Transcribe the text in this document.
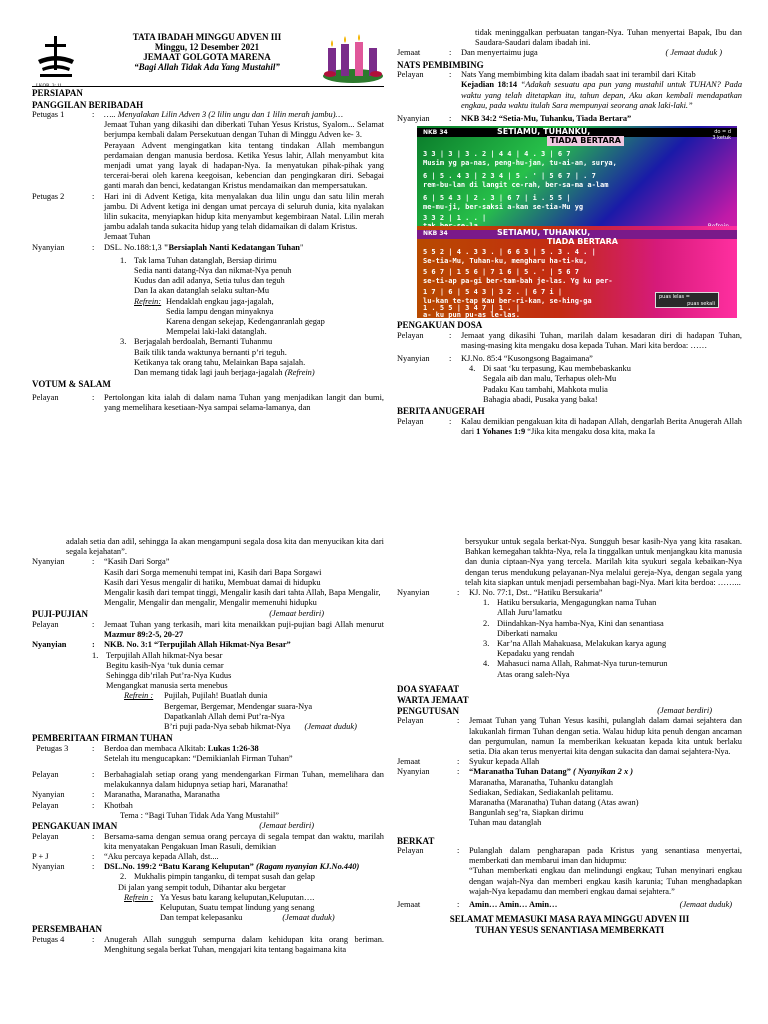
I KOR. 3: 11
TATA IBADAH MINGGU ADVEN III
Minggu, 12 Desember 2021
JEMAAT GOLGOTA MARENA
“Bagi Allah Tidak Ada Yang Mustahil”
PERSIAPAN
PANGGILAN BERIBADAH
Petugas 1	:	….. Menyalakan Lilin Adven 3 (2 lilin ungu dan 1 lilin merah jambu)…
Jemaat Tuhan yang dikasihi dan diberkati Tuhan Yesus Kristus, Syalom... Selamat berjumpa kembali dalam Persekutuan dengan Tuhan di Minggu Adven ke- 3.
Perayaan Advent mengingatkan kita tentang tindakan Allah membangun perdamaian dengan manusia berdosa. Ketika Yesus lahir, Allah menyambut kita menjadi umat yang layak di hadapan-Nya. Ia menyatukan pihak-pihak yang tercerai-berai oleh karena keegoisan, kebencian dan pengingkaran diri. Sebagai ganti marah dan benci, kedatangan Kristus mendamaikan dan mempersatukan.
Petugas 2	:	Hari ini di Advent Ketiga, kita menyalakan dua lilin ungu dan satu lilin merah jambu. Di Advent ketiga ini dengan umat percaya di seluruh dunia, kita nyalakan lilin sukacita, menyiapkan hidup kita menyambut kegembiraan Natal. Lilin merah jambu adalah tanda sukacita hidup yang telah didamaikan di dalam Kristus.
Jemaat Tuhan
Nyanyian	:	DSL. No.188:1,3 "Bersiaplah Nanti Kedatangan Tuhan"
1. Tak lama Tuhan datanglah, Bersiap dirimu
Sedia nanti datang-Nya dan nikmat-Nya penuh
Kudus dan adil adanya, Setia tulus dan teguh
Dan Ia akan datanglah selaku sultan-Mu
Refrein: Hendaklah engkau jaga-jagalah,
Sedia lampu dengan minyaknya
Karena dengan sekejap, Kedenganranlah gegap
Mempelai laki-laki datanglah.
3. Berjagalah berdoalah, Bernanti Tuhanmu
Baik tilik tanda waktunya bernanti p’ri teguh.
Ketikanya tak orang tahu, Melainkan Bapa sajalah.
Dan memang tidak lagi jauh berjaga-jagalah (Refrein)
VOTUM & SALAM
Pelayan	:	Pertolongan kita ialah di dalam nama Tuhan yang menjadikan langit dan bumi, yang memelihara kesetiaan-Nya sampai selama-lamanya, dan
tidak meninggalkan perbuatan tangan-Nya. Tuhan menyertai Bapak, Ibu dan Saudara-Saudari dalam ibadah ini.
Jemaat	:	Dan menyertaimu juga	( Jemaat duduk )
NATS PEMBIMBING
Pelayan	:	Nats Yang membimbing kita dalam ibadah saat ini terambil dari Kitab
Kejadian 18:14 “Adakah sesuatu apa pun yang mustahil untuk TUHAN? Pada waktu yang telah ditetapkan itu, tahun depan, Aku akan kembali mendapatkan engkau, pada waktu itulah Sara mempunyai seorang anak laki-laki.”
Nyanyian	:	NKB 34:2 “Setia-Mu, Tuhanku, Tiada Bertara”
NKB 34	SETIAMU, TUHANKU,
TIADA BERTARA
do = d
3 ketuk
3 3 | 3 | 3 . 2 | 4 4 | 4 . 3 | 6 7
Musim yg pa-nas, peng-hu-jan, tu-ai-an, surya,
6 | 5 . 4 3 | 2 3 4 | 5 . ' | 5 6 7 | . 7
rem-bu-lan di langit ce-rah, ber-sa-ma a-lam
6 | 5 4 3 | 2 . 3 | 6 7 | i . 5 5 |
me-mu-ji, ber-saksi a-kan se-tia-Mu yg
3 3 2 | 1 . . |
NKB 34	SETIAMU, TUHANKU,
TIADA BERTARA
5 5 2 | 4 . 3 3 . | 6 6 3 | 5 . 3 . 4 . |
Se-tia-Mu, Tuhan-ku, mengharu ha-ti-ku,
5 6 7 | 1 5 6 | 7 1 6 | 5 . ' | 5 6 7
se-ti-ap pa-gi ber-tam-bah je-las. Yg ku per-
1 7 | 6 | 5 4 3 | 3 2 . | 6 7 i |
lu-kan te-tap Kau ber-ri-kan, se-hing-ga
1 . 5 5 | 3 4 7 | 1 . |
a- ku pun pu-as le-las.
puas lelas =
puas sekali
PENGAKUAN DOSA
Pelayan	:	Jemaat yang dikasihi Tuhan, marilah dalam kesadaran diri di hadapan Tuhan, masing-masing kita mengaku dosa kepada Tuhan. Mari kita berdoa: ……
Nyanyian	:	KJ.No. 85:4 “Kusongsong Bagaimana”
4. Di saat ‘ku terpasung, Kau membebaskanku
Segala aib dan malu, Terhapus oleh-Mu
Padaku Kau tambahi, Mahkota mulia
Bahagia abadi, Pusaka yang baka!
BERITA ANUGERAH
Pelayan	:	Kalau demikian pengakuan kita di hadapan Allah, dengarlah Berita Anugerah Allah dari 1 Yohanes 1:9 “Jika kita mengaku dosa kita, maka Ia
adalah setia dan adil, sehingga Ia akan mengampuni segala dosa kita dan menyucikan kita dari segala kejahatan”.
Nyanyian	:	“Kasih Dari Sorga”
Kasih dari Sorga memenuhi tempat ini, Kasih dari Bapa Sorgawi
Kasih dari Yesus mengalir di hatiku, Membuat damai di hidupku
Mengalir kasih dari tempat tinggi, Mengalir kasih dari tahta Allah, Bapa Mengalir, Mengalir, Mengalir dan mengalir, Mengalir memenuhi hidupku
PUJI-PUJIAN	(Jemaat berdiri)
Pelayan	:	Jemaat Tuhan yang terkasih, mari kita menaikkan puji-pujian bagi Allah menurut Mazmur 89:2-5, 20-27
Nyanyian	:	NKB. No. 3:1 “Terpujilah Allah Hikmat-Nya Besar”
1. Terpujilah Allah hikmat-Nya besar
Begitu kasih-Nya ‘tuk dunia cemar
Sehingga dib’rilah Put’ra-Nya Kudus
Mengangkat manusia serta menebus
Refrein :	Pujilah, Pujilah! Buatlah dunia
Bergemar, Bergemar, Mendengar suara-Nya
Dapatkanlah Allah demi Put’ra-Nya
B’ri puji pada-Nya sebab hikmat-Nya (Jemaat duduk)
PEMBERITAAN FIRMAN TUHAN
Petugas 3	:	Berdoa dan membaca Alkitab: Lukas 1:26-38
Setelah itu mengucapkan: “Demikianlah Firman Tuhan”
Pelayan	:	Berbahagialah setiap orang yang mendengarkan Firman Tuhan, memelihara dan melakukannya dalam hidupnya setiap hari, Maranatha!
Nyanyian	:	Maranatha, Maranatha, Maranatha
Pelayan	:	Khotbah
Tema : “Bagi Tuhan Tidak Ada Yang Mustahil”
PENGAKUAN IMAN	(Jemaat berdiri)
Pelayan	:	Bersama-sama dengan semua orang percaya di segala tempat dan waktu, marilah kita menyatakan Pengakuan Iman Rasuli, demikian
P + J	:	“Aku percaya kepada Allah, dst....
Nyanyian	:	DSL.No. 199:2 “Batu Karang Keluputan” (Ragam nyanyian KJ.No.440)
2. Mukhalis pimpin tanganku, di tempat susah dan gelap
Di jalan yang sempit toduh, Dihantar aku bergetar
Refrein : Ya Yesus batu karang keluputan,Keluputan….
Keluputan, Suatu tempat lindung yang senang
Dan tempat kelepasanku	(Jemaat duduk)
PERSEMBAHAN
Petugas 4	:	Anugerah Allah sungguh sempurna dalam kehidupan kita orang beriman. Menghitung segala berkat Tuhan, mengajari kita tentang bagaimana kita
bersyukur untuk segala berkat-Nya. Sungguh besar kasih-Nya yang kita rasakan. Bahkan kemegahan takhta-Nya, rela Ia tinggalkan untuk menjangkau kita manusia dan dunia ciptaan-Nya yang tercela. Marilah kita syukuri segala kebaikan-Nya dengan terus mendukung pelayanan-Nya melalui gereja-Nya, dengan segala yang telah kita siapkan untuk menjadi persembahan bagi-Nya. Mari kita berdoa: ……...
Nyanyian	:	KJ. No. 77:1, Dst.. “Hatiku Bersukaria”
1. Hatiku bersukaria, Mengagungkan nama Tuhan
Allah Juru’lamatku
2. Diindahkan-Nya hamba-Nya, Kini dan senantiasa
Diberkati namaku
3. Kar’na Allah Mahakuasa, Melakukan karya agung
Kepadaku yang rendah
4. Mahasuci nama Allah, Rahmat-Nya turun-temurun
Atas orang saleh-Nya
DOA SYAFAAT
WARTA JEMAAT
PENGUTUSAN	(Jemaat berdiri)
Pelayan	:	Jemaat Tuhan yang Tuhan Yesus kasihi, pulanglah dalam damai sejahtera dan lakukanlah firman Tuhan dengan setia. Walau hidup kita penuh dengan ancaman dan pergumulan, namun Ia memberikan kekuatan kepada kita untuk berlaku setia. Dia akan terus menyertai kita dengan sukacita dan damai sejahtera-Nya.
Jemaat	:	Syukur kepada Allah
Nyanyian	:	“Maranatha Tuhan Datang” ( Nyanyikan 2 x )
Maranatha, Maranatha, Tuhanku datanglah
Sediakan, Sediakan, Sediakanlah pelitamu.
Maranatha (Maranatha) Tuhan datang (Atas awan)
Bangunlah seg’ra, Siapkan dirimu
Tuhan mau datanglah
BERKAT
Pelayan	:	Pulanglah dalam pengharapan pada Kristus yang senantiasa menyertai, memberkati dan membarui iman dan hidupmu:
“Tuhan memberkati engkau dan melindungi engkau; Tuhan menyinari engkau dengan wajah-Nya dan memberi engkau kasih karunia; Tuhan menghadapkan wajah-Nya kepadamu dan memberi engkau damai sejahtera.”
Jemaat	:	Amin… Amin… Amin…	(Jemaat duduk)
SELAMAT MEMASUKI MASA RAYA MINGGU ADVEN III
TUHAN YESUS SENANTIASA MEMBERKATI
